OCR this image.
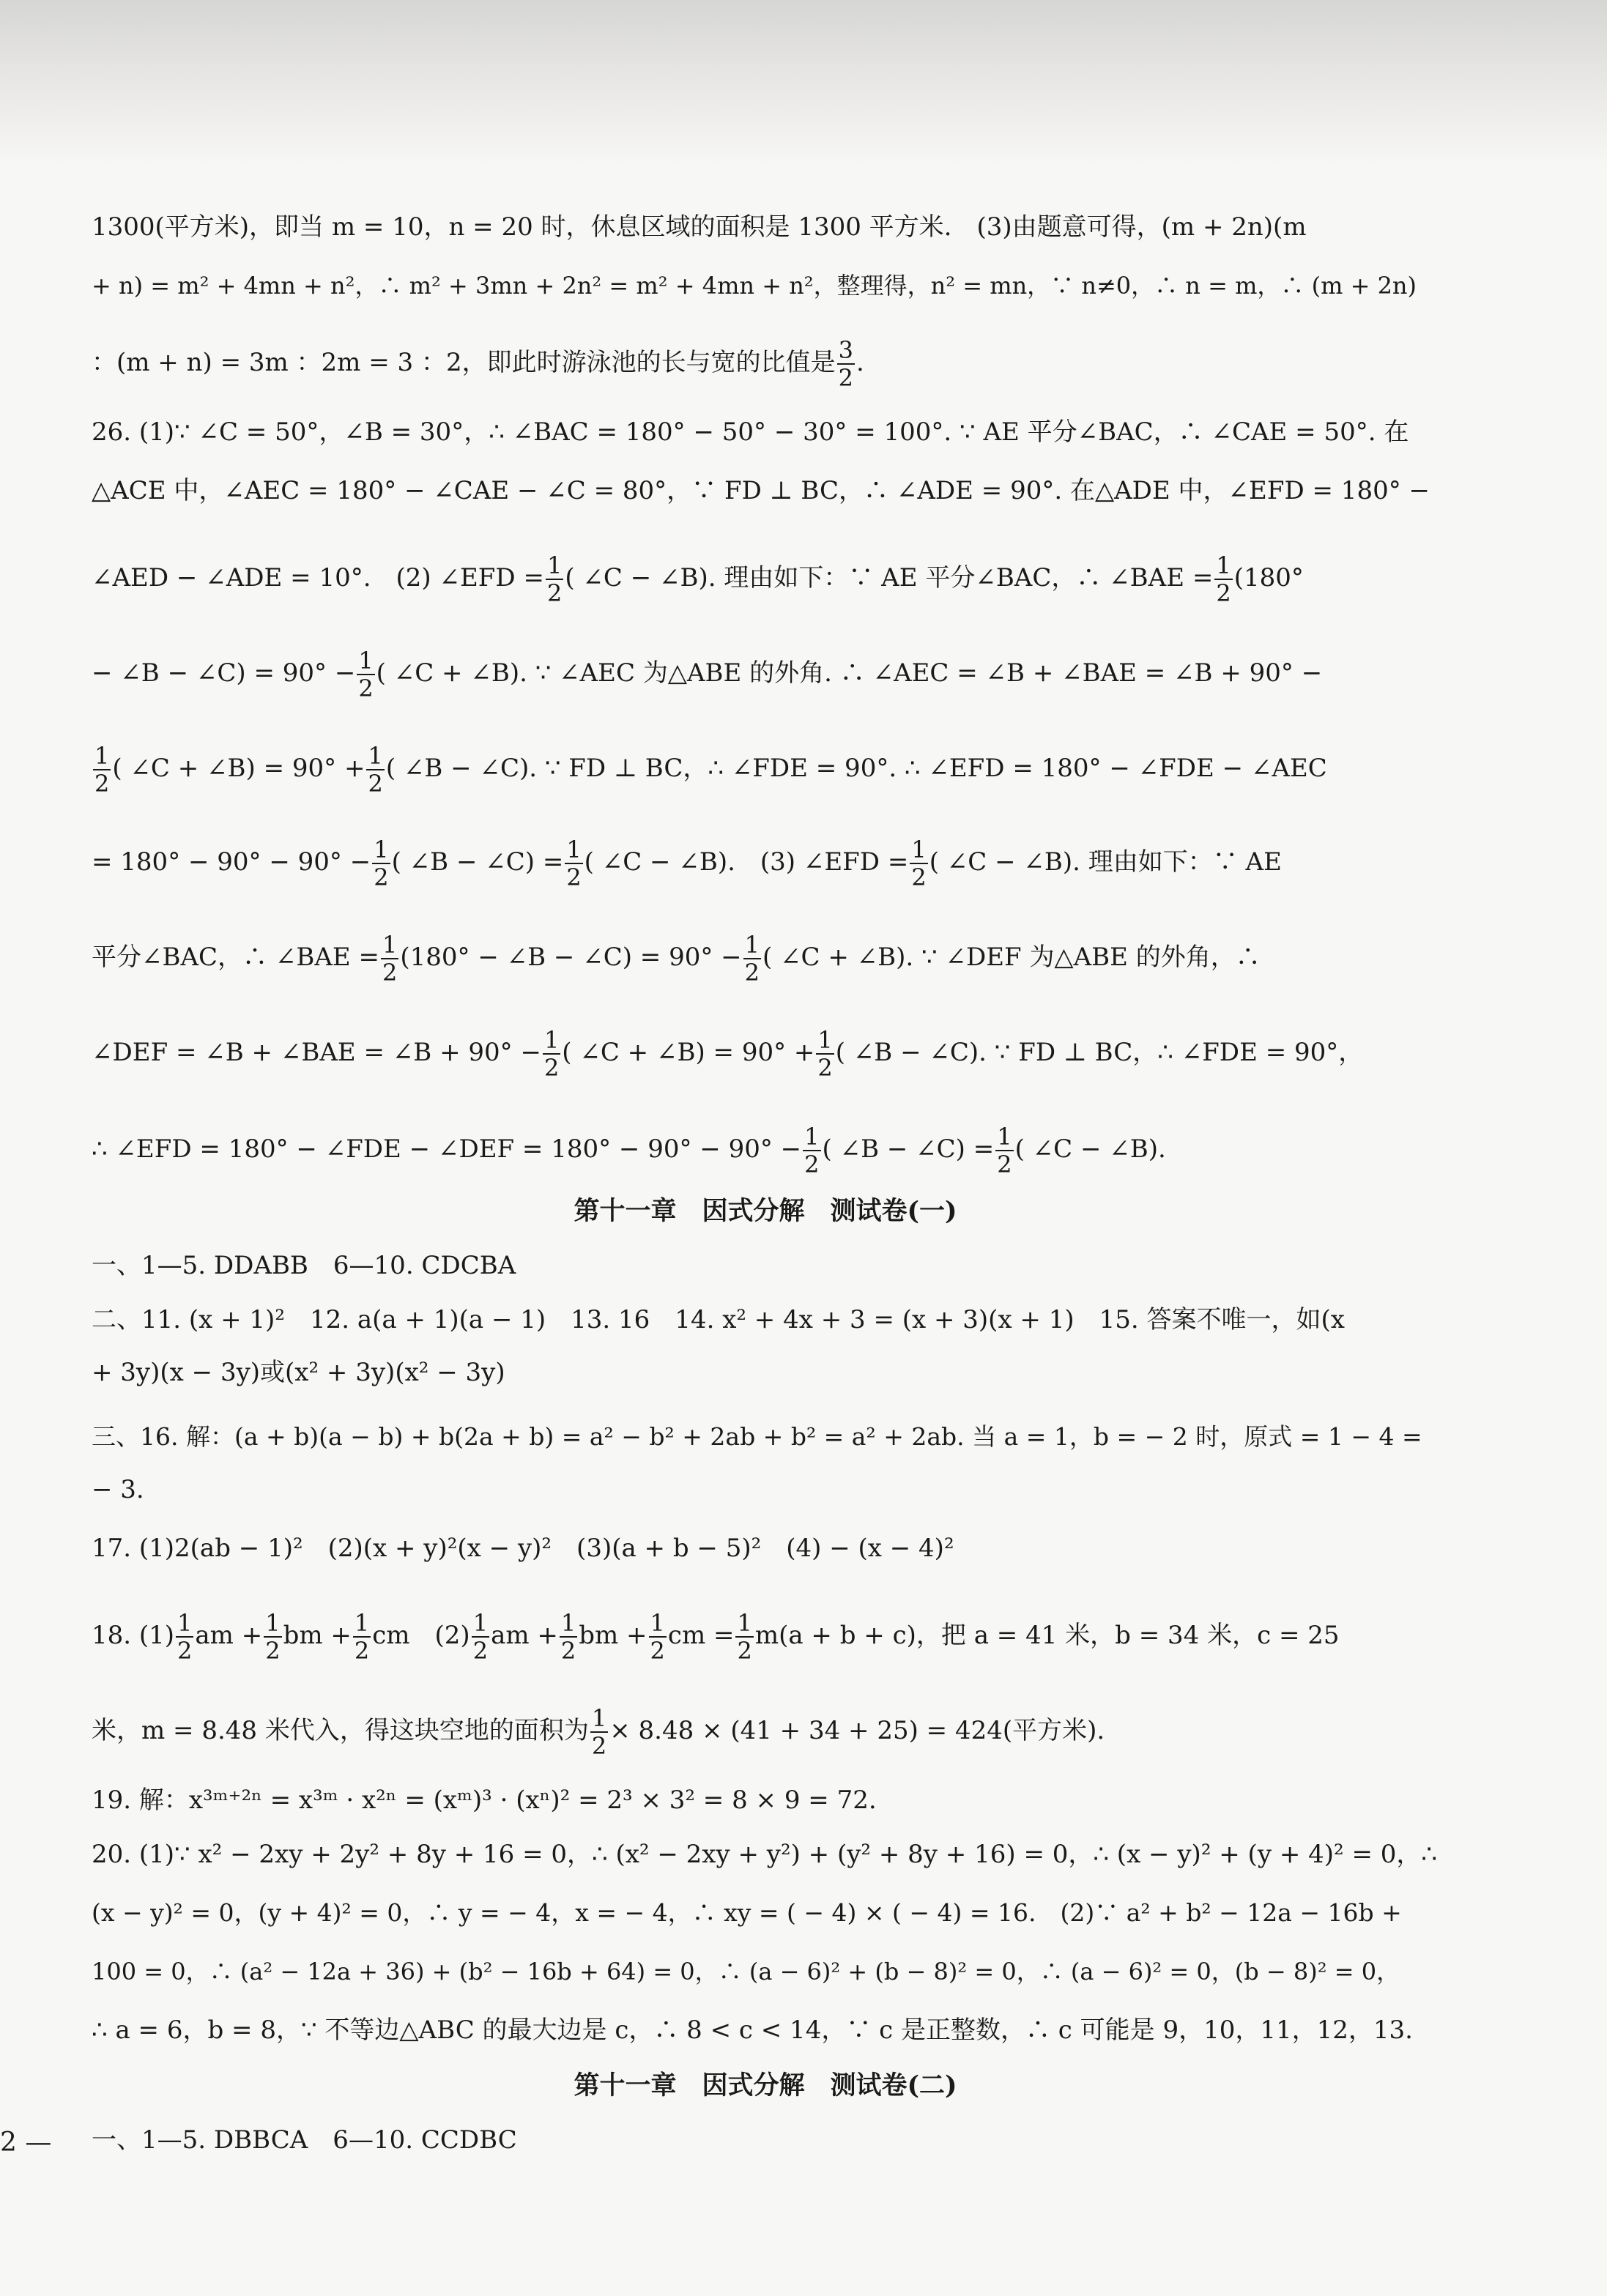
1300(平方米)，即当 m = 10，n = 20 时，休息区域的面积是 1300 平方米.　(3)由题意可得，(m + 2n)(m
+ n) = m² + 4mn + n²，∴ m² + 3mn + 2n² = m² + 4mn + n²，整理得，n² = mn，∵ n≠0，∴ n = m，∴ (m + 2n)
：(m + n) = 3m ：2m = 3 ：2，即此时游泳池的长与宽的比值是 $\frac{3}{2}$ .
26. (1)∵ ∠C = 50°，∠B = 30°，∴ ∠BAC = 180° − 50° − 30° = 100°. ∵ AE 平分∠BAC，∴ ∠CAE = 50°. 在
△ACE 中，∠AEC = 180° − ∠CAE − ∠C = 80°，∵ FD ⊥ BC，∴ ∠ADE = 90°. 在△ADE 中，∠EFD = 180° −
∠AED − ∠ADE = 10°.　(2) ∠EFD = $\frac{1}{2}$ ( ∠C − ∠B). 理由如下：∵ AE 平分∠BAC，∴ ∠BAE = $\frac{1}{2} (180^\circ$
− ∠B − ∠C) = $90^\circ - \frac{1}{2}$ ( ∠C + ∠B). ∵ ∠AEC 为△ABE 的外角. ∴ ∠AEC = ∠B + ∠BAE = ∠B + 90° −
$\frac{1}{2}$ ( ∠C + ∠B) = $90^\circ + \frac{1}{2}$ ( ∠B − ∠C). ∵ FD ⊥ BC，∴ ∠FDE = 90°. ∴ ∠EFD = 180° − ∠FDE − ∠AEC
= $180^\circ - 90^\circ - 90^\circ - \frac{1}{2}$ ( ∠B − ∠C) = $\frac{1}{2}$ ( ∠C − ∠B).　(3) ∠EFD = $\frac{1}{2}$ ( ∠C − ∠B). 理由如下：∵ AE
平分∠BAC，∴ ∠BAE = $\frac{1}{2} (180^\circ$ − ∠B − ∠C) = $90^\circ - \frac{1}{2}$ ( ∠C + ∠B). ∵ ∠DEF 为△ABE 的外角，∴
∠DEF = ∠B + ∠BAE = ∠B + $90^\circ - \frac{1}{2}$ ( ∠C + ∠B) = $90^\circ + \frac{1}{2}$ ( ∠B − ∠C). ∵ FD ⊥ BC，∴ ∠FDE = 90°，
∴ ∠EFD = 180° − ∠FDE − ∠DEF = $180^\circ - 90^\circ - 90^\circ - \frac{1}{2}$ ( ∠B − ∠C) = $\frac{1}{2}$ ( ∠C − ∠B).
第十一章　因式分解　测试卷(一)
一、1—5. DDABB　6—10. CDCBA
二、11. (x + 1)²　12. a(a + 1)(a − 1)　13. 16　14. x² + 4x + 3 = (x + 3)(x + 1)　15. 答案不唯一，如(x
+ 3y)(x − 3y)或(x² + 3y)(x² − 3y)
三、16. 解：(a + b)(a − b) + b(2a + b) = a² − b² + 2ab + b² = a² + 2ab. 当 a = 1，b = − 2 时，原式 = 1 − 4 =
− 3.
17. (1)2(ab − 1)²　(2)(x + y)²(x − y)²　(3)(a + b − 5)²　(4) − (x − 4)²
18. $(1) \frac{1}{2}$ am + $\frac{1}{2}$ bm + $\frac{1}{2}$ cm　$(2) \frac{1}{2}$ am + $\frac{1}{2}$ bm + $\frac{1}{2}$ cm = $\frac{1}{2} m(a + b + c)$，把 a = 41 米，b = 34 米，c = 25
米，m = 8.48 米代入，得这块空地的面积为 $\frac{1}{2} \times 8.48 \times (41 + 34 + 25) = 424$(平方米).
19. 解：x³ᵐ⁺²ⁿ = x³ᵐ · x²ⁿ = (xᵐ)³ · (xⁿ)² = 2³ × 3² = 8 × 9 = 72.
20. (1)∵ x² − 2xy + 2y² + 8y + 16 = 0，∴ (x² − 2xy + y²) + (y² + 8y + 16) = 0，∴ (x − y)² + (y + 4)² = 0，∴
(x − y)² = 0，(y + 4)² = 0，∴ y = − 4，x = − 4，∴ xy = ( − 4) × ( − 4) = 16.　(2)∵ a² + b² − 12a − 16b +
100 = 0，∴ (a² − 12a + 36) + (b² − 16b + 64) = 0，∴ (a − 6)² + (b − 8)² = 0，∴ (a − 6)² = 0，(b − 8)² = 0，
∴ a = 6，b = 8，∵ 不等边△ABC 的最大边是 c，∴ 8 < c < 14，∵ c 是正整数，∴ c 可能是 9，10，11，12，13.
第十一章　因式分解　测试卷(二)
一、1—5. DBBCA　6—10. CCDBC
2 —
